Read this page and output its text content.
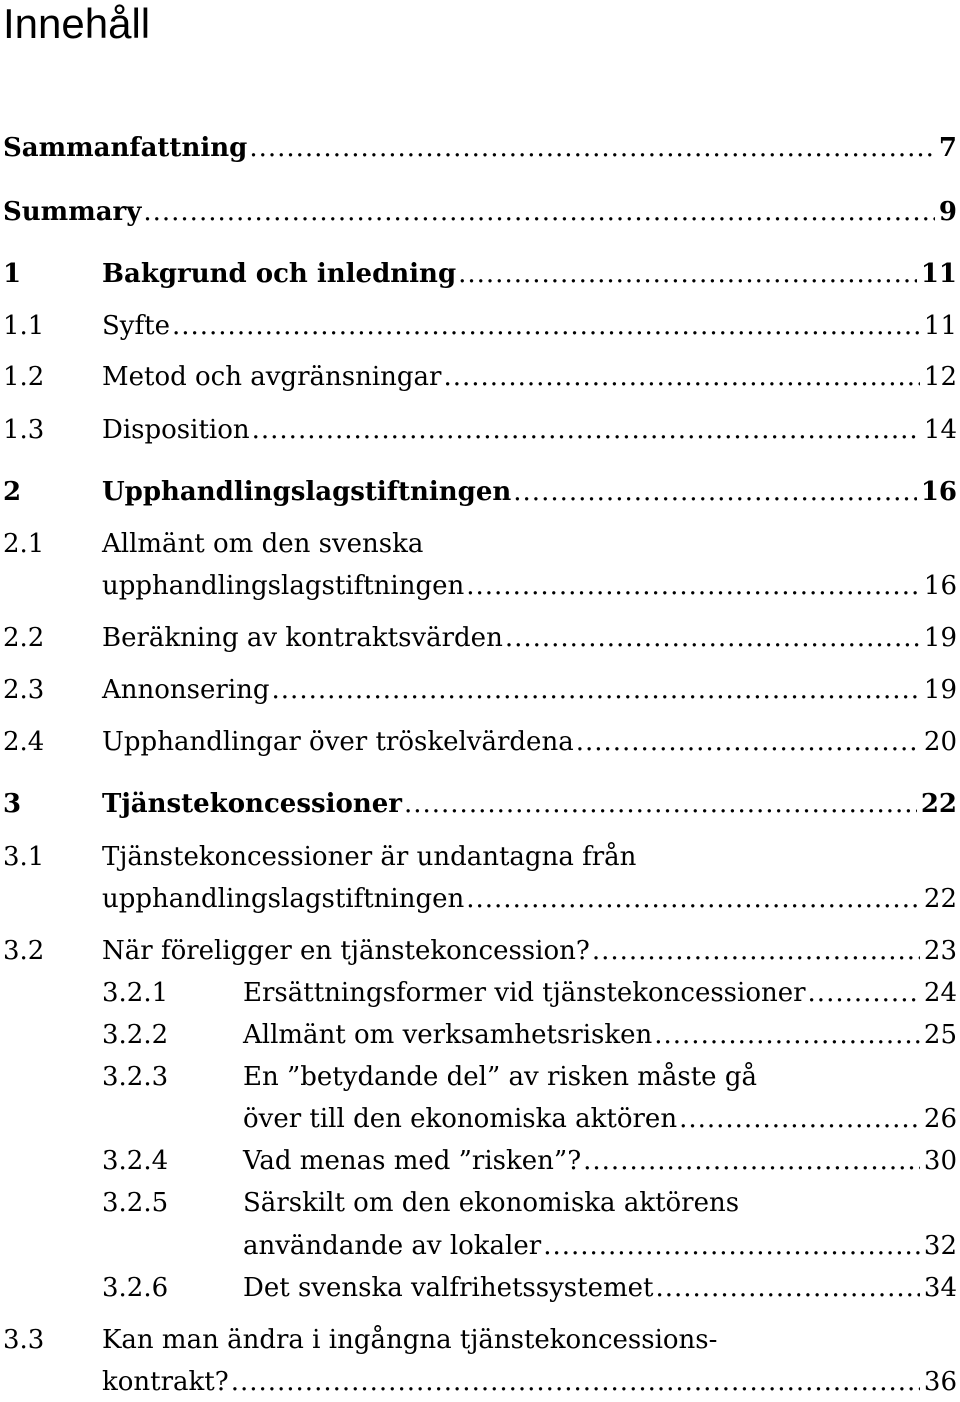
Innehåll
Sammanfattning .....	7
Summary .....	9
1	Bakgrund och inledning .....	11
1.1 Syfte .....	11
1.2 Metod och avgränsningar .....	12
1.3 Disposition .....	14
2	Upphandlingslagstiftningen .....	16
2.1 Allmänt om den svenska
upphandlingslagstiftningen .....	16
2.2 Beräkning av kontraktsvärden .....	19
2.3 Annonsering .....	19
2.4 Upphandlingar över tröskelvärdena .....	20
3	Tjänstekoncessioner .....	22
3.1 Tjänstekoncessioner är undantagna från
upphandlingslagstiftningen .....	22
3.2 När föreligger en tjänstekoncession? .....	23
3.2.1	Ersättningsformer vid tjänstekoncessioner .....	24
3.2.2	Allmänt om verksamhetsrisken .....	25
3.2.3	En ”betydande del” av risken måste gå
över till den ekonomiska aktören .....	26
3.2.4	Vad menas med ”risken”? .....	30
3.2.5	Särskilt om den ekonomiska aktörens
användande av lokaler .....	32
3.2.6	Det svenska valfrihetssystemet .....	34
3.3 Kan man ändra i ingångna tjänstekoncessions-
kontrakt? .....	36
